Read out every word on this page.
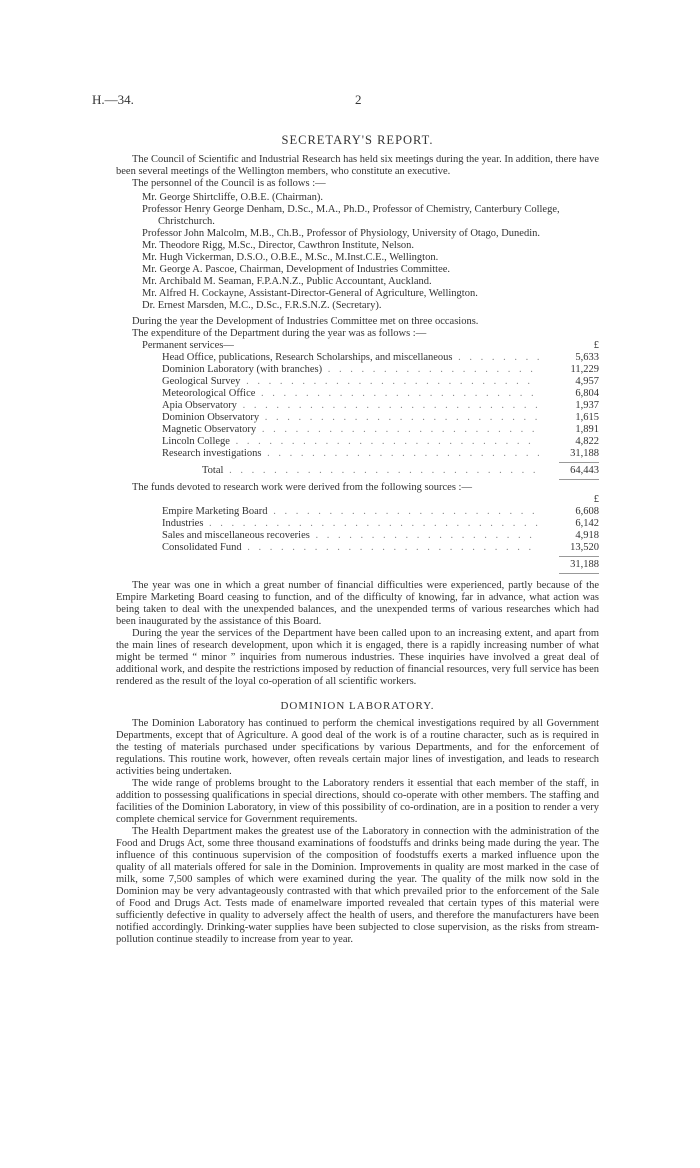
H.—34.	2
SECRETARY'S REPORT.

The Council of Scientific and Industrial Research has held six meetings during the year. In addition, there have been several meetings of the Wellington members, who constitute an executive.

The personnel of the Council is as follows :—

Mr. George Shirtcliffe, O.B.E. (Chairman).
Professor Henry George Denham, D.Sc., M.A., Ph.D., Professor of Chemistry, Canterbury College, Christchurch.
Professor John Malcolm, M.B., Ch.B., Professor of Physiology, University of Otago, Dunedin.
Mr. Theodore Rigg, M.Sc., Director, Cawthron Institute, Nelson.
Mr. Hugh Vickerman, D.S.O., O.B.E., M.Sc., M.Inst.C.E., Wellington.
Mr. George A. Pascoe, Chairman, Development of Industries Committee.
Mr. Archibald M. Seaman, F.P.A.N.Z., Public Accountant, Auckland.
Mr. Alfred H. Cockayne, Assistant-Director-General of Agriculture, Wellington.
Dr. Ernest Marsden, M.C., D.Sc., F.R.S.N.Z. (Secretary).

During the year the Development of Industries Committee met on three occasions.

The expenditure of the Department during the year was as follows :—

Permanent services—	£
Head Office, publications, Research Scholarships, and miscellaneous . . .	5,633
Dominion Laboratory (with branches) . . .	11,229
Geological Survey . . .	4,957
Meteorological Office . . .	6,804
Apia Observatory . . .	1,937
Dominion Observatory . . .	1,615
Magnetic Observatory . . .	1,891
Lincoln College . . .	4,822
Research investigations . . .	31,188
Total . . .	64,443

The funds devoted to research work were derived from the following sources :—

£
Empire Marketing Board . . .	6,608
Industries . . .	6,142
Sales and miscellaneous recoveries . . .	4,918
Consolidated Fund . . .	13,520
31,188

The year was one in which a great number of financial difficulties were experienced, partly because of the Empire Marketing Board ceasing to function, and of the difficulty of knowing, far in advance, what action was being taken to deal with the unexpended balances, and the unexpended terms of various researches which had been inaugurated by the assistance of this Board.

During the year the services of the Department have been called upon to an increasing extent, and apart from the main lines of research development, upon which it is engaged, there is a rapidly increasing number of what might be termed “ minor ” inquiries from numerous industries. These inquiries have involved a great deal of additional work, and despite the restrictions imposed by reduction of financial resources, very full service has been rendered as the result of the loyal co-operation of all scientific workers.

DOMINION LABORATORY.

The Dominion Laboratory has continued to perform the chemical investigations required by all Government Departments, except that of Agriculture. A good deal of the work is of a routine character, such as is required in the testing of materials purchased under specifications by various Departments, and for the enforcement of regulations. This routine work, however, often reveals certain major lines of investigation, and leads to research activities being undertaken.

The wide range of problems brought to the Laboratory renders it essential that each member of the staff, in addition to possessing qualifications in special directions, should co-operate with other members. The staffing and facilities of the Dominion Laboratory, in view of this possibility of co-ordination, are in a position to render a very complete chemical service for Government requirements.

The Health Department makes the greatest use of the Laboratory in connection with the administration of the Food and Drugs Act, some three thousand examinations of foodstuffs and drinks being made during the year. The influence of this continuous supervision of the composition of foodstuffs exerts a marked influence upon the quality of all materials offered for sale in the Dominion. Improvements in quality are most marked in the case of milk, some 7,500 samples of which were examined during the year. The quality of the milk now sold in the Dominion may be very advantageously contrasted with that which prevailed prior to the enforcement of the Sale of Food and Drugs Act. Tests made of enamelware imported revealed that certain types of this material were sufficiently defective in quality to adversely affect the health of users, and therefore the manufacturers have been notified accordingly. Drinking-water supplies have been subjected to close supervision, as the risks from stream-pollution continue steadily to increase from year to year.
